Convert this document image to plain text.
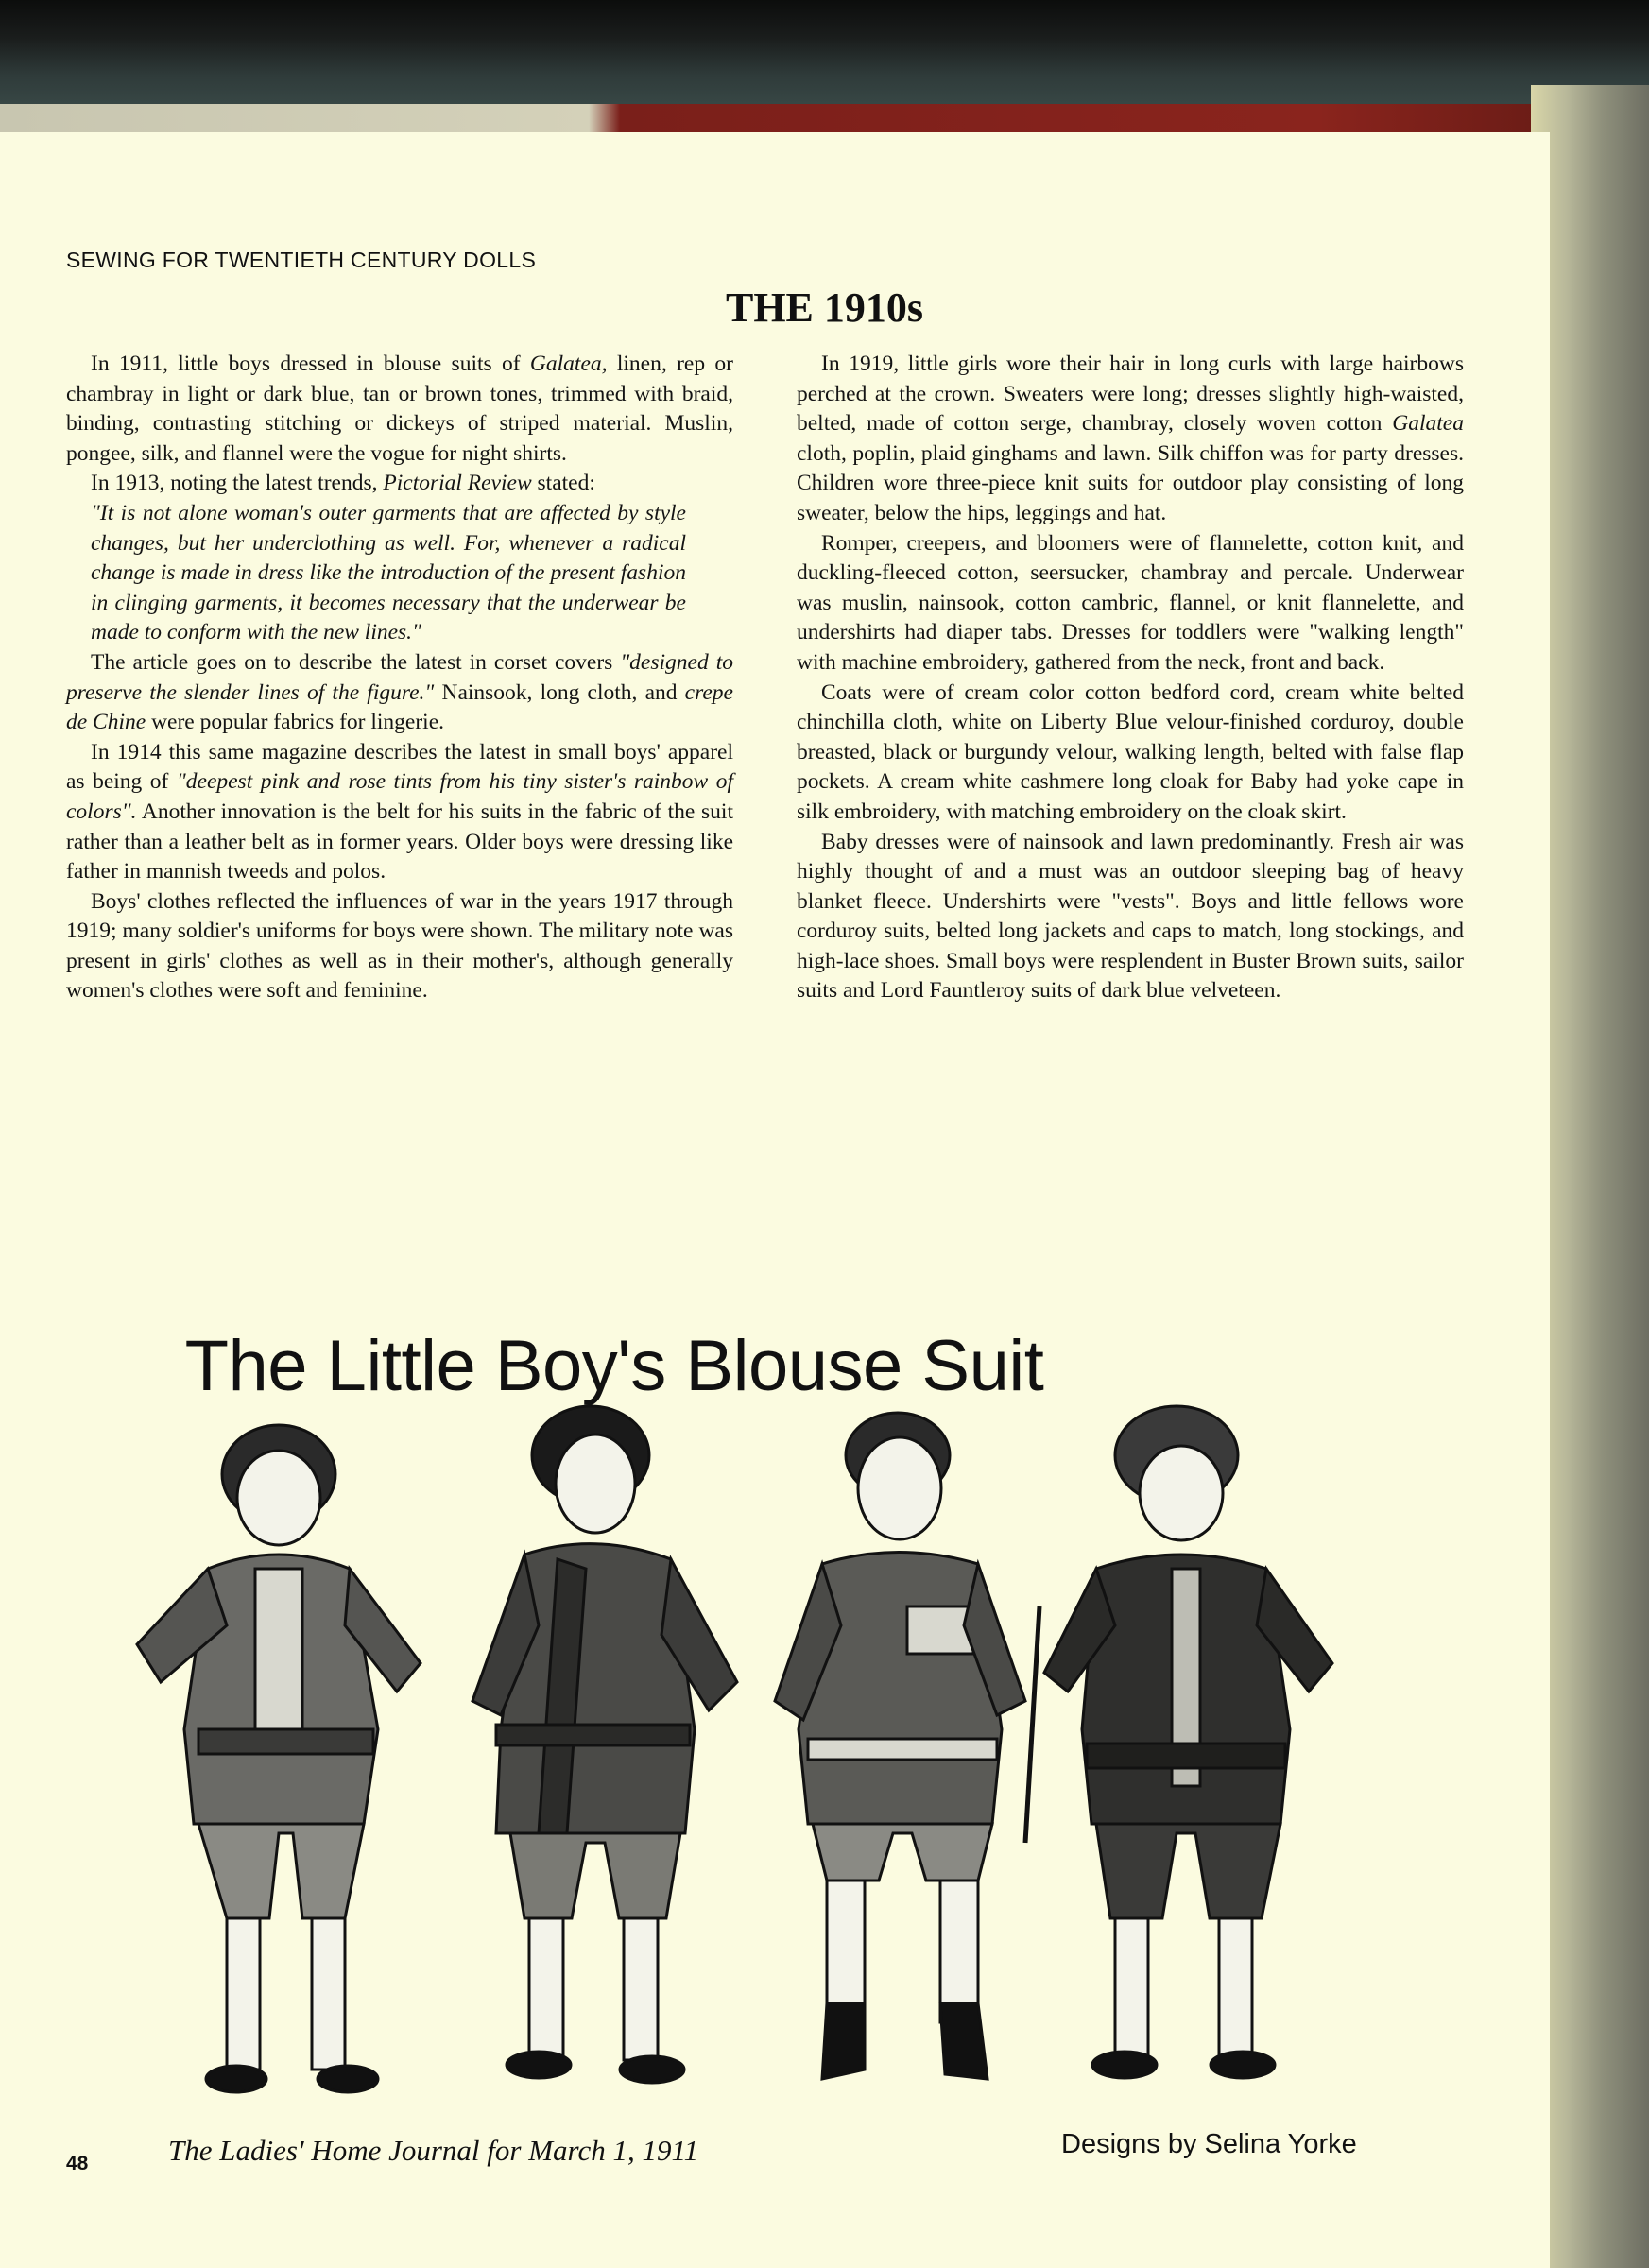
SEWING FOR TWENTIETH CENTURY DOLLS
THE 1910s

In 1911, little boys dressed in blouse suits of Galatea, linen, rep or chambray in light or dark blue, tan or brown tones, trimmed with braid, binding, contrasting stitching or dickeys of striped material. Muslin, pongee, silk, and flannel were the vogue for night shirts.

In 1913, noting the latest trends, Pictorial Review stated:

"It is not alone woman's outer garments that are affected by style changes, but her underclothing as well. For, whenever a radical change is made in dress like the introduction of the present fashion in clinging garments, it becomes necessary that the underwear be made to conform with the new lines."

The article goes on to describe the latest in corset covers "designed to preserve the slender lines of the figure." Nainsook, long cloth, and crepe de Chine were popular fabrics for lingerie.

In 1914 this same magazine describes the latest in small boys' apparel as being of "deepest pink and rose tints from his tiny sister's rainbow of colors". Another innovation is the belt for his suits in the fabric of the suit rather than a leather belt as in former years. Older boys were dressing like father in mannish tweeds and polos.

Boys' clothes reflected the influences of war in the years 1917 through 1919; many soldier's uniforms for boys were shown. The military note was present in girls' clothes as well as in their mother's, although generally women's clothes were soft and feminine.

In 1919, little girls wore their hair in long curls with large hairbows perched at the crown. Sweaters were long; dresses slightly high-waisted, belted, made of cotton serge, chambray, closely woven cotton Galatea cloth, poplin, plaid ginghams and lawn. Silk chiffon was for party dresses. Children wore three-piece knit suits for outdoor play consisting of long sweater, below the hips, leggings and hat.

Romper, creepers, and bloomers were of flannelette, cotton knit, and duckling-fleeced cotton, seersucker, chambray and percale. Underwear was muslin, nainsook, cotton cambric, flannel, or knit flannelette, and undershirts had diaper tabs. Dresses for toddlers were "walking length" with machine embroidery, gathered from the neck, front and back.

Coats were of cream color cotton bedford cord, cream white belted chinchilla cloth, white on Liberty Blue velour-finished corduroy, double breasted, black or burgundy velour, walking length, belted with false flap pockets. A cream white cashmere long cloak for Baby had yoke cape in silk embroidery, with matching embroidery on the cloak skirt.

Baby dresses were of nainsook and lawn predominantly. Fresh air was highly thought of and a must was an outdoor sleeping bag of heavy blanket fleece. Undershirts were "vests". Boys and little fellows wore corduroy suits, belted long jackets and caps to match, long stockings, and high-lace shoes. Small boys were resplendent in Buster Brown suits, sailor suits and Lord Fauntleroy suits of dark blue velveteen.

The Little Boy's Blouse Suit
48	The Ladies' Home Journal for March 1, 1911	Designs by Selina Yorke
